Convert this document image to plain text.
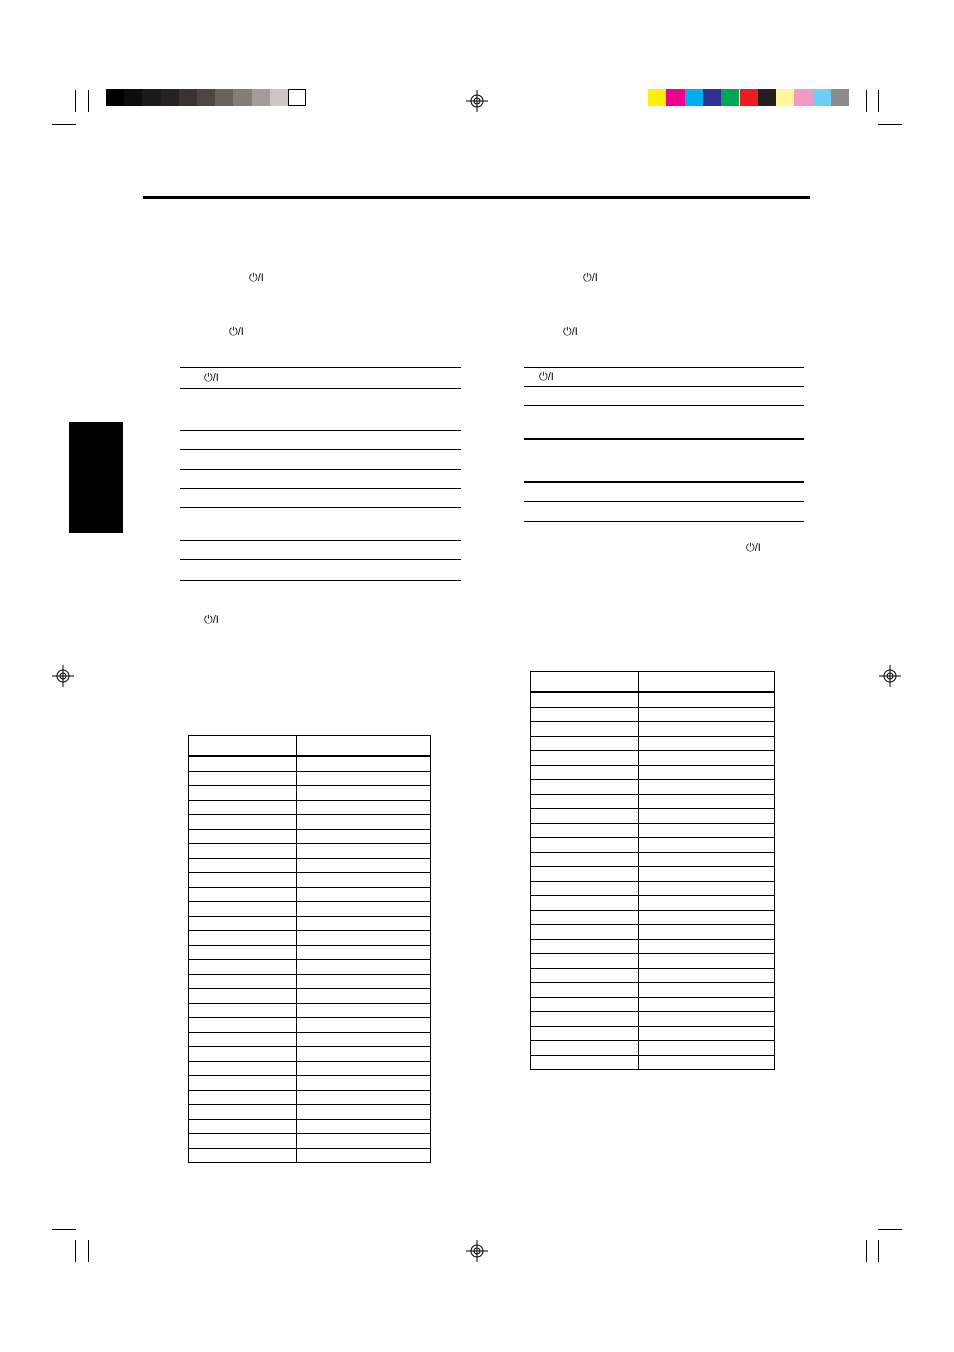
⏻/I
⏻/I
⏻/I
⏻/I
⏻/I
⏻/I
⏻/I
⏻/I
